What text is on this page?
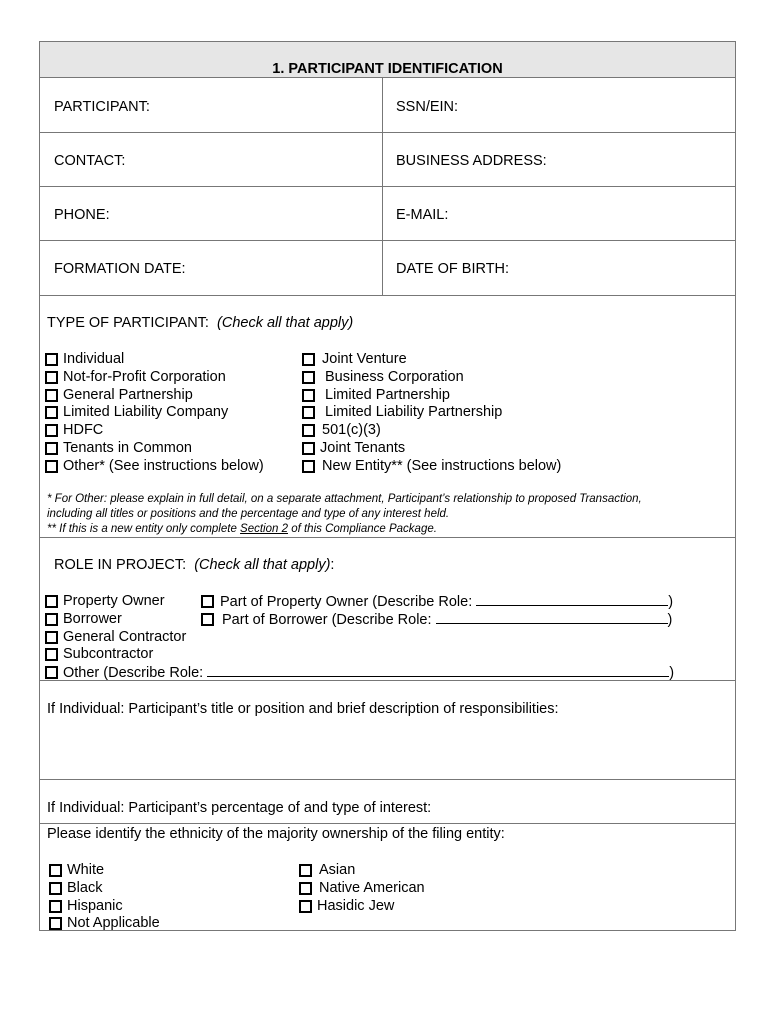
1. PARTICIPANT IDENTIFICATION
PARTICIPANT:	SSN/EIN:
CONTACT:	BUSINESS ADDRESS:
PHONE:	E-MAIL:
FORMATION DATE:	DATE OF BIRTH:
TYPE OF PARTICIPANT: (Check all that apply)
Individual
Not-for-Profit Corporation
General Partnership
Limited Liability Company
HDFC
Tenants in Common
Other* (See instructions below)
Joint Venture
Business Corporation
Limited Partnership
Limited Liability Partnership
501(c)(3)
Joint Tenants
New Entity** (See instructions below)
* For Other: please explain in full detail, on a separate attachment, Participant’s relationship to proposed Transaction,
including all titles or positions and the percentage and type of any interest held.
** If this is a new entity only complete Section 2 of this Compliance Package.
ROLE IN PROJECT: (Check all that apply):
Property Owner
Borrower
General Contractor
Subcontractor
Other (Describe Role:	)
Part of Property Owner (Describe Role:	)
Part of Borrower (Describe Role:	)
If Individual: Participant’s title or position and brief description of responsibilities:
If Individual: Participant’s percentage of and type of interest:
Please identify the ethnicity of the majority ownership of the filing entity:
White
Black
Hispanic
Not Applicable
Asian
Native American
Hasidic Jew
